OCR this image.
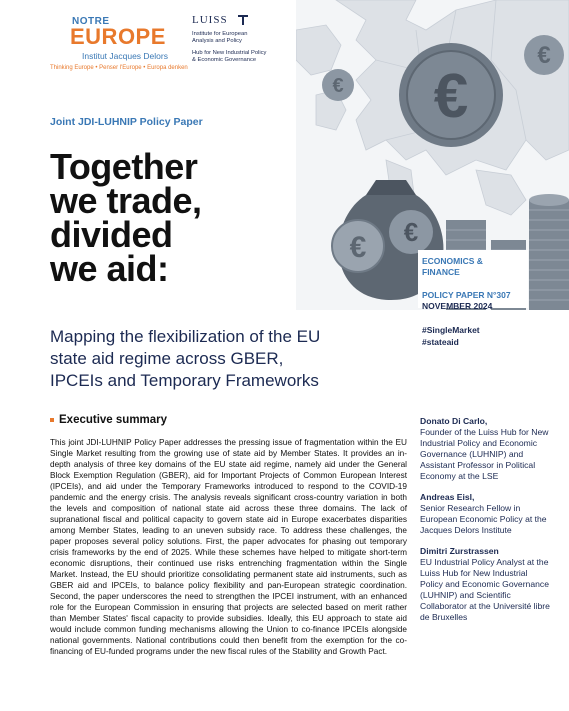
NOTRE
EUROPE
Institut Jacques Delors
Thinking Europe • Penser l'Europe • Europa denken
LUISS
Institute for European
Analysis and Policy
Hub for New Industrial Policy
& Economic Governance
€
€
€
€
€
Joint JDI-LUHNIP Policy Paper
Together
we trade,
divided
we aid:
Mapping the flexibilization of the EU
state aid regime across GBER,
IPCEIs and Temporary Frameworks
ECONOMICS &
FINANCE
POLICY PAPER N°307
NOVEMBER 2024
#SingleMarket
#stateaid
Executive summary
This joint JDI-LUHNIP Policy Paper addresses the pressing issue of fragmentation within the EU Single Market resulting from the growing use of state aid by Member States. It provides an in-depth analysis of three key domains of the EU state aid regime, namely aid under the General Block Exemption Regulation (GBER), aid for Important Projects of Common European Interest (IPCEIs), and aid under the Temporary Frameworks introduced to respond to the COVID-19 pandemic and the energy crisis. The analysis reveals significant cross-country variation in both the levels and composition of national state aid across these three domains. The lack of supranational fiscal and political capacity to govern state aid in Europe exacerbates disparities among Member States, leading to an uneven subsidy race. To address these challenges, the paper proposes several policy solutions. First, the paper advocates for phasing out temporary crisis frameworks by the end of 2025. While these schemes have helped to mitigate short-term economic disruptions, their continued use risks entrenching fragmentation within the Single Market. Instead, the EU should prioritize consolidating permanent state aid instruments, such as GBER aid and IPCEIs, to balance policy flexibility and pan-European strategic coordination. Second, the paper underscores the need to strengthen the IPCEI instrument, with an enhanced role for the European Commission in ensuring that projects are selected based on merit rather than Member States' fiscal capacity to provide subsidies. Ideally, this EU approach to state aid would include common funding mechanisms allowing the Union to co-finance IPCEIs alongside national governments. National contributions could then benefit from the exemption for the co-financing of EU-funded programs under the new fiscal rules of the Stability and Growth Pact.
Donato Di Carlo,
Founder of the Luiss Hub for New Industrial Policy and Economic Governance (LUHNIP) and Assistant Professor in Political Economy at the LSE
Andreas Eisl,
Senior Research Fellow in European Economic Policy at the Jacques Delors Institute
Dimitri Zurstrassen
EU Industrial Policy Analyst at the Luiss Hub for New Industrial Policy and Economic Governance (LUHNIP) and Scientific Collaborator at the Université libre de Bruxelles
